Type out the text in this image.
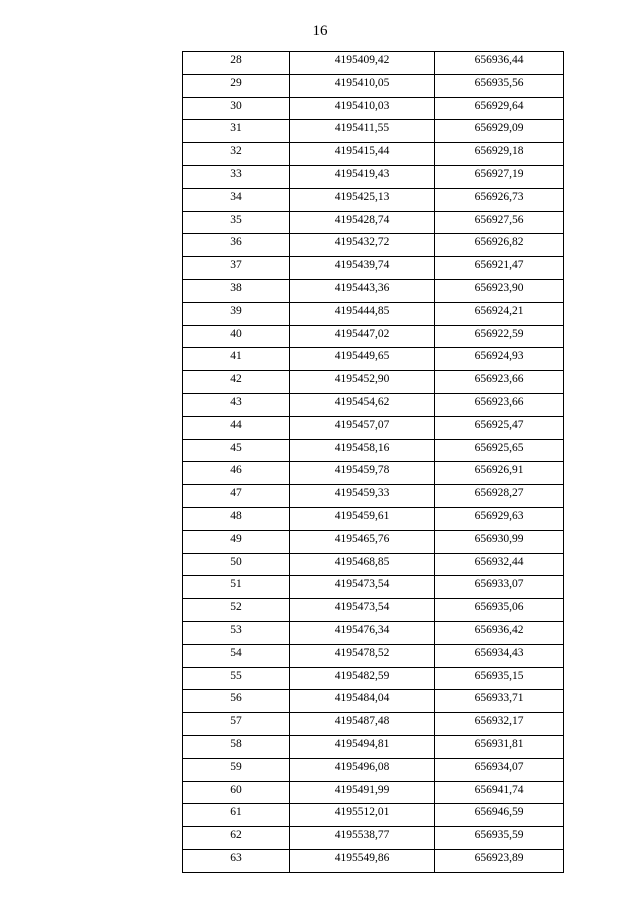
16
28	4195409,42	656936,44
29	4195410,05	656935,56
30	4195410,03	656929,64
31	4195411,55	656929,09
32	4195415,44	656929,18
33	4195419,43	656927,19
34	4195425,13	656926,73
35	4195428,74	656927,56
36	4195432,72	656926,82
37	4195439,74	656921,47
38	4195443,36	656923,90
39	4195444,85	656924,21
40	4195447,02	656922,59
41	4195449,65	656924,93
42	4195452,90	656923,66
43	4195454,62	656923,66
44	4195457,07	656925,47
45	4195458,16	656925,65
46	4195459,78	656926,91
47	4195459,33	656928,27
48	4195459,61	656929,63
49	4195465,76	656930,99
50	4195468,85	656932,44
51	4195473,54	656933,07
52	4195473,54	656935,06
53	4195476,34	656936,42
54	4195478,52	656934,43
55	4195482,59	656935,15
56	4195484,04	656933,71
57	4195487,48	656932,17
58	4195494,81	656931,81
59	4195496,08	656934,07
60	4195491,99	656941,74
61	4195512,01	656946,59
62	4195538,77	656935,59
63	4195549,86	656923,89
